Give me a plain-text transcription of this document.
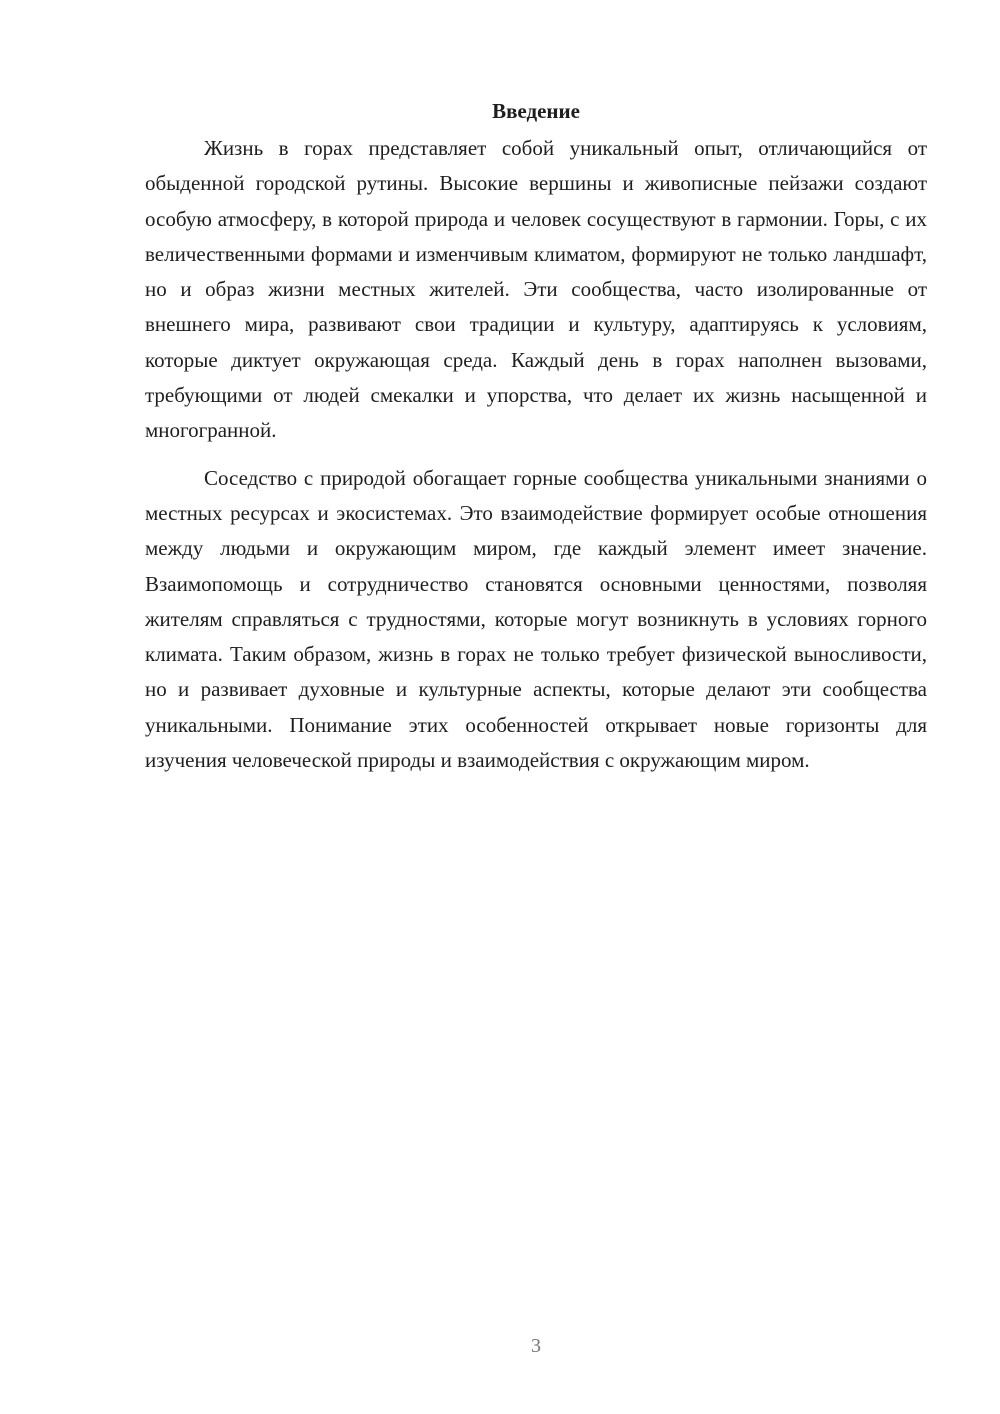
Введение

Жизнь в горах представляет собой уникальный опыт, отличающийся от обыденной городской рутины. Высокие вершины и живописные пейзажи создают особую атмосферу, в которой природа и человек сосуществуют в гармонии. Горы, с их величественными формами и изменчивым климатом, формируют не только ландшафт, но и образ жизни местных жителей. Эти сообщества, часто изолированные от внешнего мира, развивают свои традиции и культуру, адаптируясь к условиям, которые диктует окружающая среда. Каждый день в горах наполнен вызовами, требующими от людей смекалки и упорства, что делает их жизнь насыщенной и многогранной.

Соседство с природой обогащает горные сообщества уникальными знаниями о местных ресурсах и экосистемах. Это взаимодействие формирует особые отношения между людьми и окружающим миром, где каждый элемент имеет значение. Взаимопомощь и сотрудничество становятся основными ценностями, позволяя жителям справляться с трудностями, которые могут возникнуть в условиях горного климата. Таким образом, жизнь в горах не только требует физической выносливости, но и развивает духовные и культурные аспекты, которые делают эти сообщества уникальными. Понимание этих особенностей открывает новые горизонты для изучения человеческой природы и взаимодействия с окружающим миром.

3
